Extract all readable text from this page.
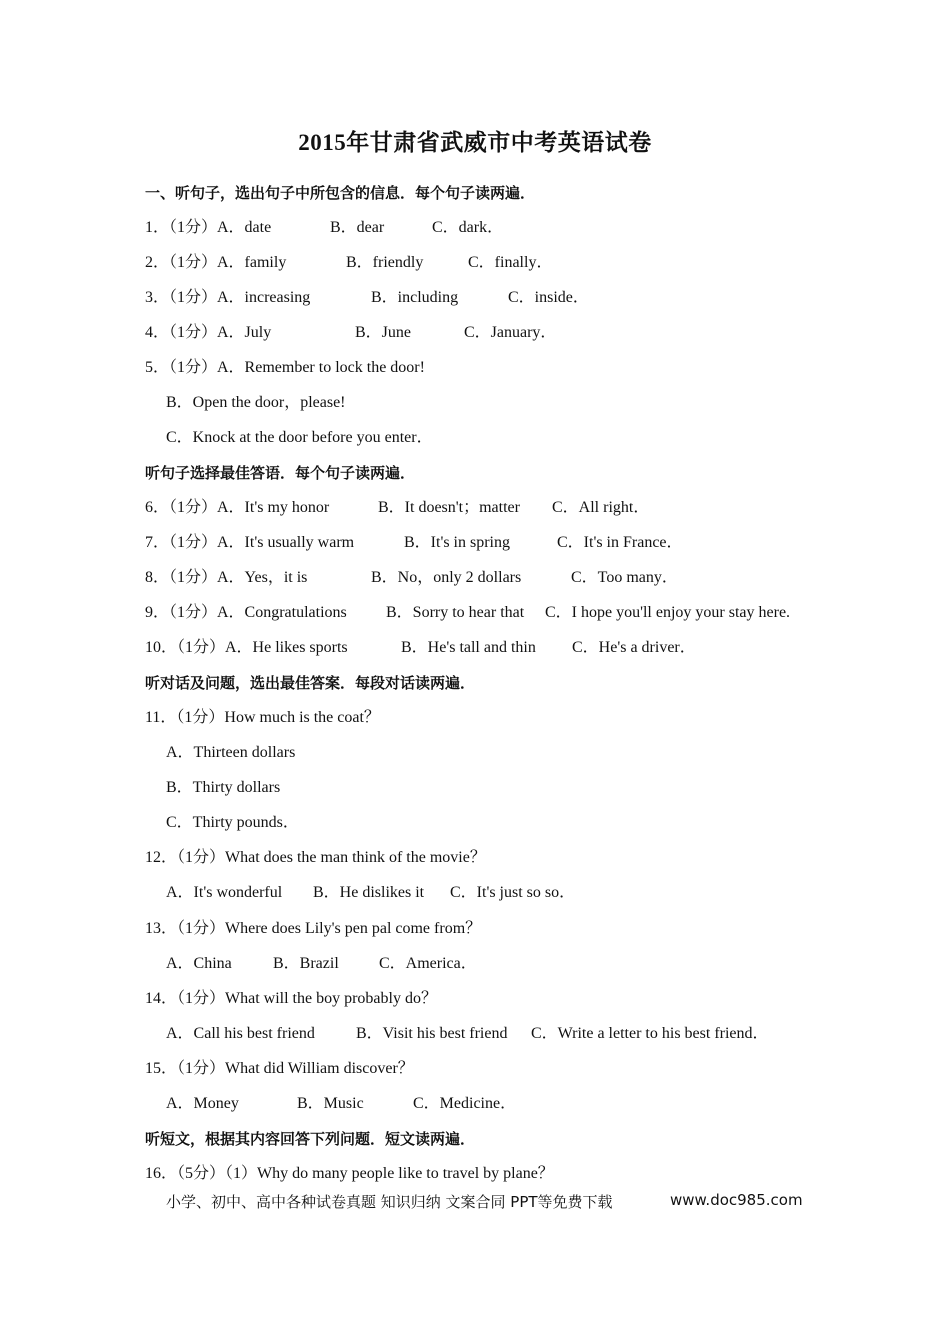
2015年甘肃省武威市中考英语试卷
一、听句子，选出句子中所包含的信息．每个句子读两遍．
1．（1分）A．date	B．dear	C．dark．
2．（1分）A．family	B．friendly	C．finally．
3．（1分）A．increasing	B．including	C．inside．
4．（1分）A．July	B．June	C．January．
5．（1分）A．Remember to lock the door!
B．Open the door，please!
C．Knock at the door before you enter．
听句子选择最佳答语．每个句子读两遍．
6．（1分）A．It's my honor	B．It doesn't；matter C．All right．
7．（1分）A．It's usually warm	B．It's in spring	C．It's in France．
8．（1分）A．Yes，it is	B．No，only 2 dollars	C．Too many．
9．（1分）A．Congratulations B．Sorry to hear that C．I hope you'll enjoy your stay here.
10．（1分）A．He likes sports	B．He's tall and thin C．He's a driver．
听对话及问题，选出最佳答案．每段对话读两遍．
11．（1分）How much is the coat？
A．Thirteen dollars
B．Thirty dollars
C．Thirty pounds．
12．（1分）What does the man think of the movie？
A．It's wonderful B．He dislikes it C．It's just so so．
13．（1分）Where does Lily's pen pal come from？
A．China	B．Brazil	C．America．
14．（1分）What will the boy probably do？
A．Call his best friend	B．Visit his best friend C．Write a letter to his best friend．
15．（1分）What did William discover？
A．Money	B．Music	C．Medicine．
听短文，根据其内容回答下列问题．短文读两遍．
16．（5分）（1）Why do many people like to travel by plane？
小学、初中、高中各种试卷真题 知识归纳 文案合同 PPT等免费下载	www.doc985.com
